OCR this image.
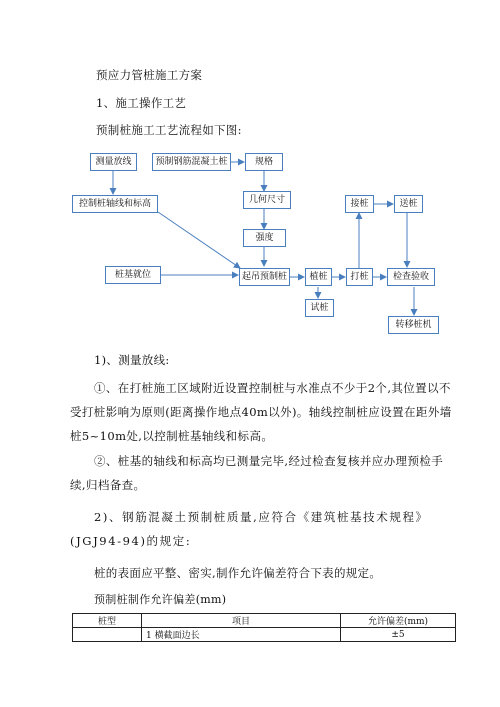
预应力管桩施工方案
1、施工操作工艺
预制桩施工工艺流程如下图:
测量放线	预制钢筋混凝土桩	规格
控制桩轴线和标高	几何尺寸
强度
接桩	送桩
桩基就位	起吊预制桩	植桩	打桩	检查验收
试桩
转移桩机
1)、测量放线:
①、在打桩施工区域附近设置控制桩与水准点不少于2个,其位置以不受打桩影响为原则(距离操作地点40m以外)。轴线控制桩应设置在距外墙桩5~10m处,以控制桩基轴线和标高。
②、桩基的轴线和标高均已测量完毕,经过检查复核并应办理预检手续,归档备查。
2)、钢筋混凝土预制桩质量,应符合《建筑桩基技术规程》(JGJ94-94)的规定:
桩的表面应平整、密实,制作允许偏差符合下表的规定。
预制桩制作允许偏差(mm)
桩型	项目	允许偏差(mm)
	1 横截面边长	±5
